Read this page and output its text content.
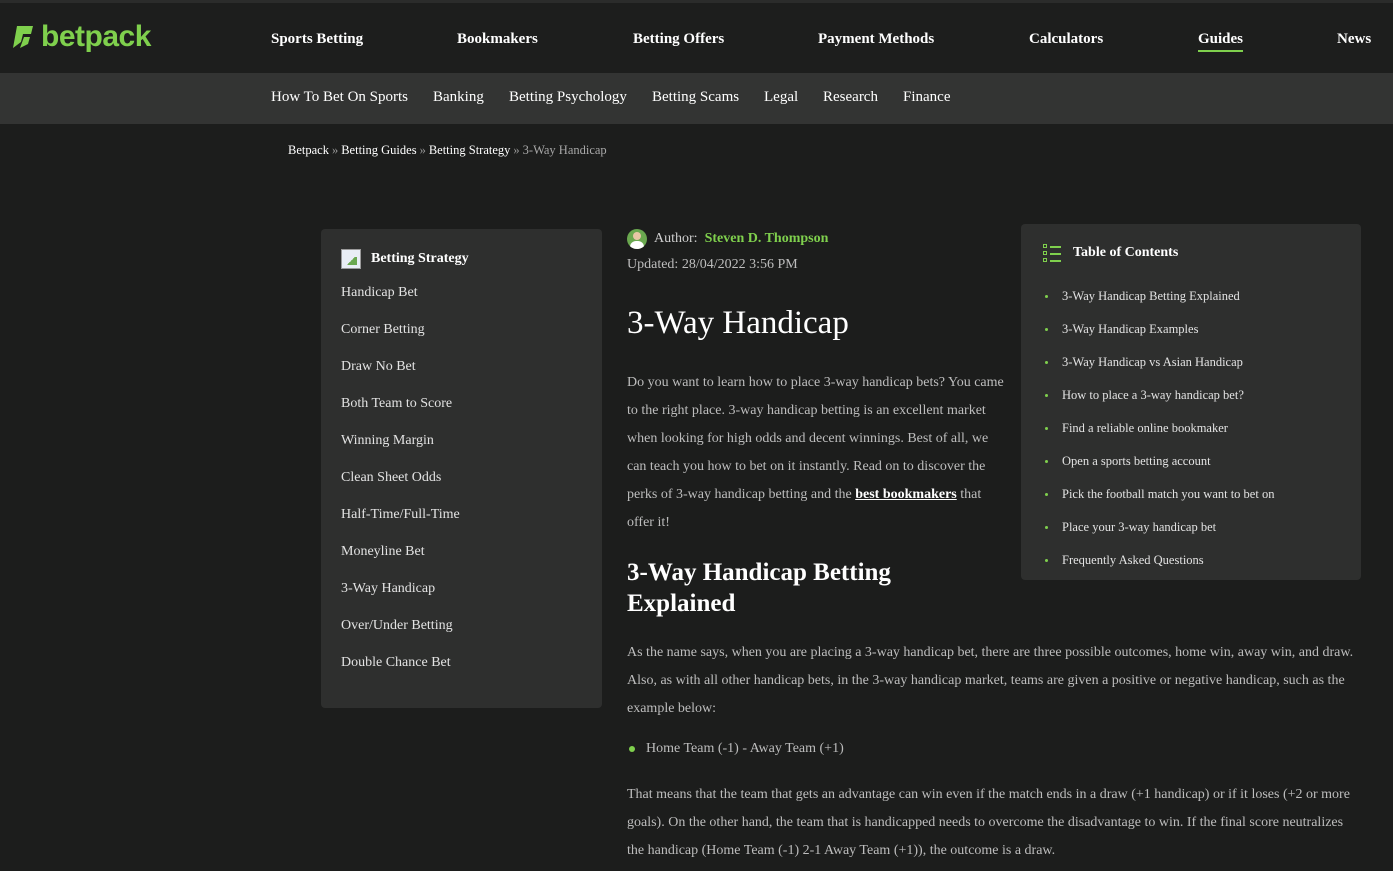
betpack	Sports Betting	Bookmakers	Betting Offers	Payment Methods	Calculators	Guides	News
How To Bet On Sports Banking Betting Psychology Betting Scams Legal Research Finance
Betpack » Betting Guides » Betting Strategy » 3-Way Handicap
Betting Strategy
Handicap Bet
Corner Betting
Draw No Bet
Both Team to Score
Winning Margin
Clean Sheet Odds
Half-Time/Full-Time
Moneyline Bet
3-Way Handicap
Over/Under Betting
Double Chance Bet
Author: Steven D. Thompson
Updated: 28/04/2022 3:56 PM
3-Way Handicap

Do you want to learn how to place 3-way handicap bets? You came to the right place. 3-way handicap betting is an excellent market when looking for high odds and decent winnings. Best of all, we can teach you how to bet on it instantly. Read on to discover the perks of 3-way handicap betting and the best bookmakers that offer it!

3-Way Handicap Betting Explained

As the name says, when you are placing a 3-way handicap bet, there are three possible outcomes, home win, away win, and draw. Also, as with all other handicap bets, in the 3-way handicap market, teams are given a positive or negative handicap, such as the example below:

Home Team (-1) - Away Team (+1)

That means that the team that gets an advantage can win even if the match ends in a draw (+1 handicap) or if it loses (+2 or more goals). On the other hand, the team that is handicapped needs to overcome the disadvantage to win. If the final score neutralizes the handicap (Home Team (-1) 2-1 Away Team (+1)), the outcome is a draw.

Table of Contents
3-Way Handicap Betting Explained
3-Way Handicap Examples
3-Way Handicap vs Asian Handicap
How to place a 3-way handicap bet?
Find a reliable online bookmaker
Open a sports betting account
Pick the football match you want to bet on
Place your 3-way handicap bet
Frequently Asked Questions
